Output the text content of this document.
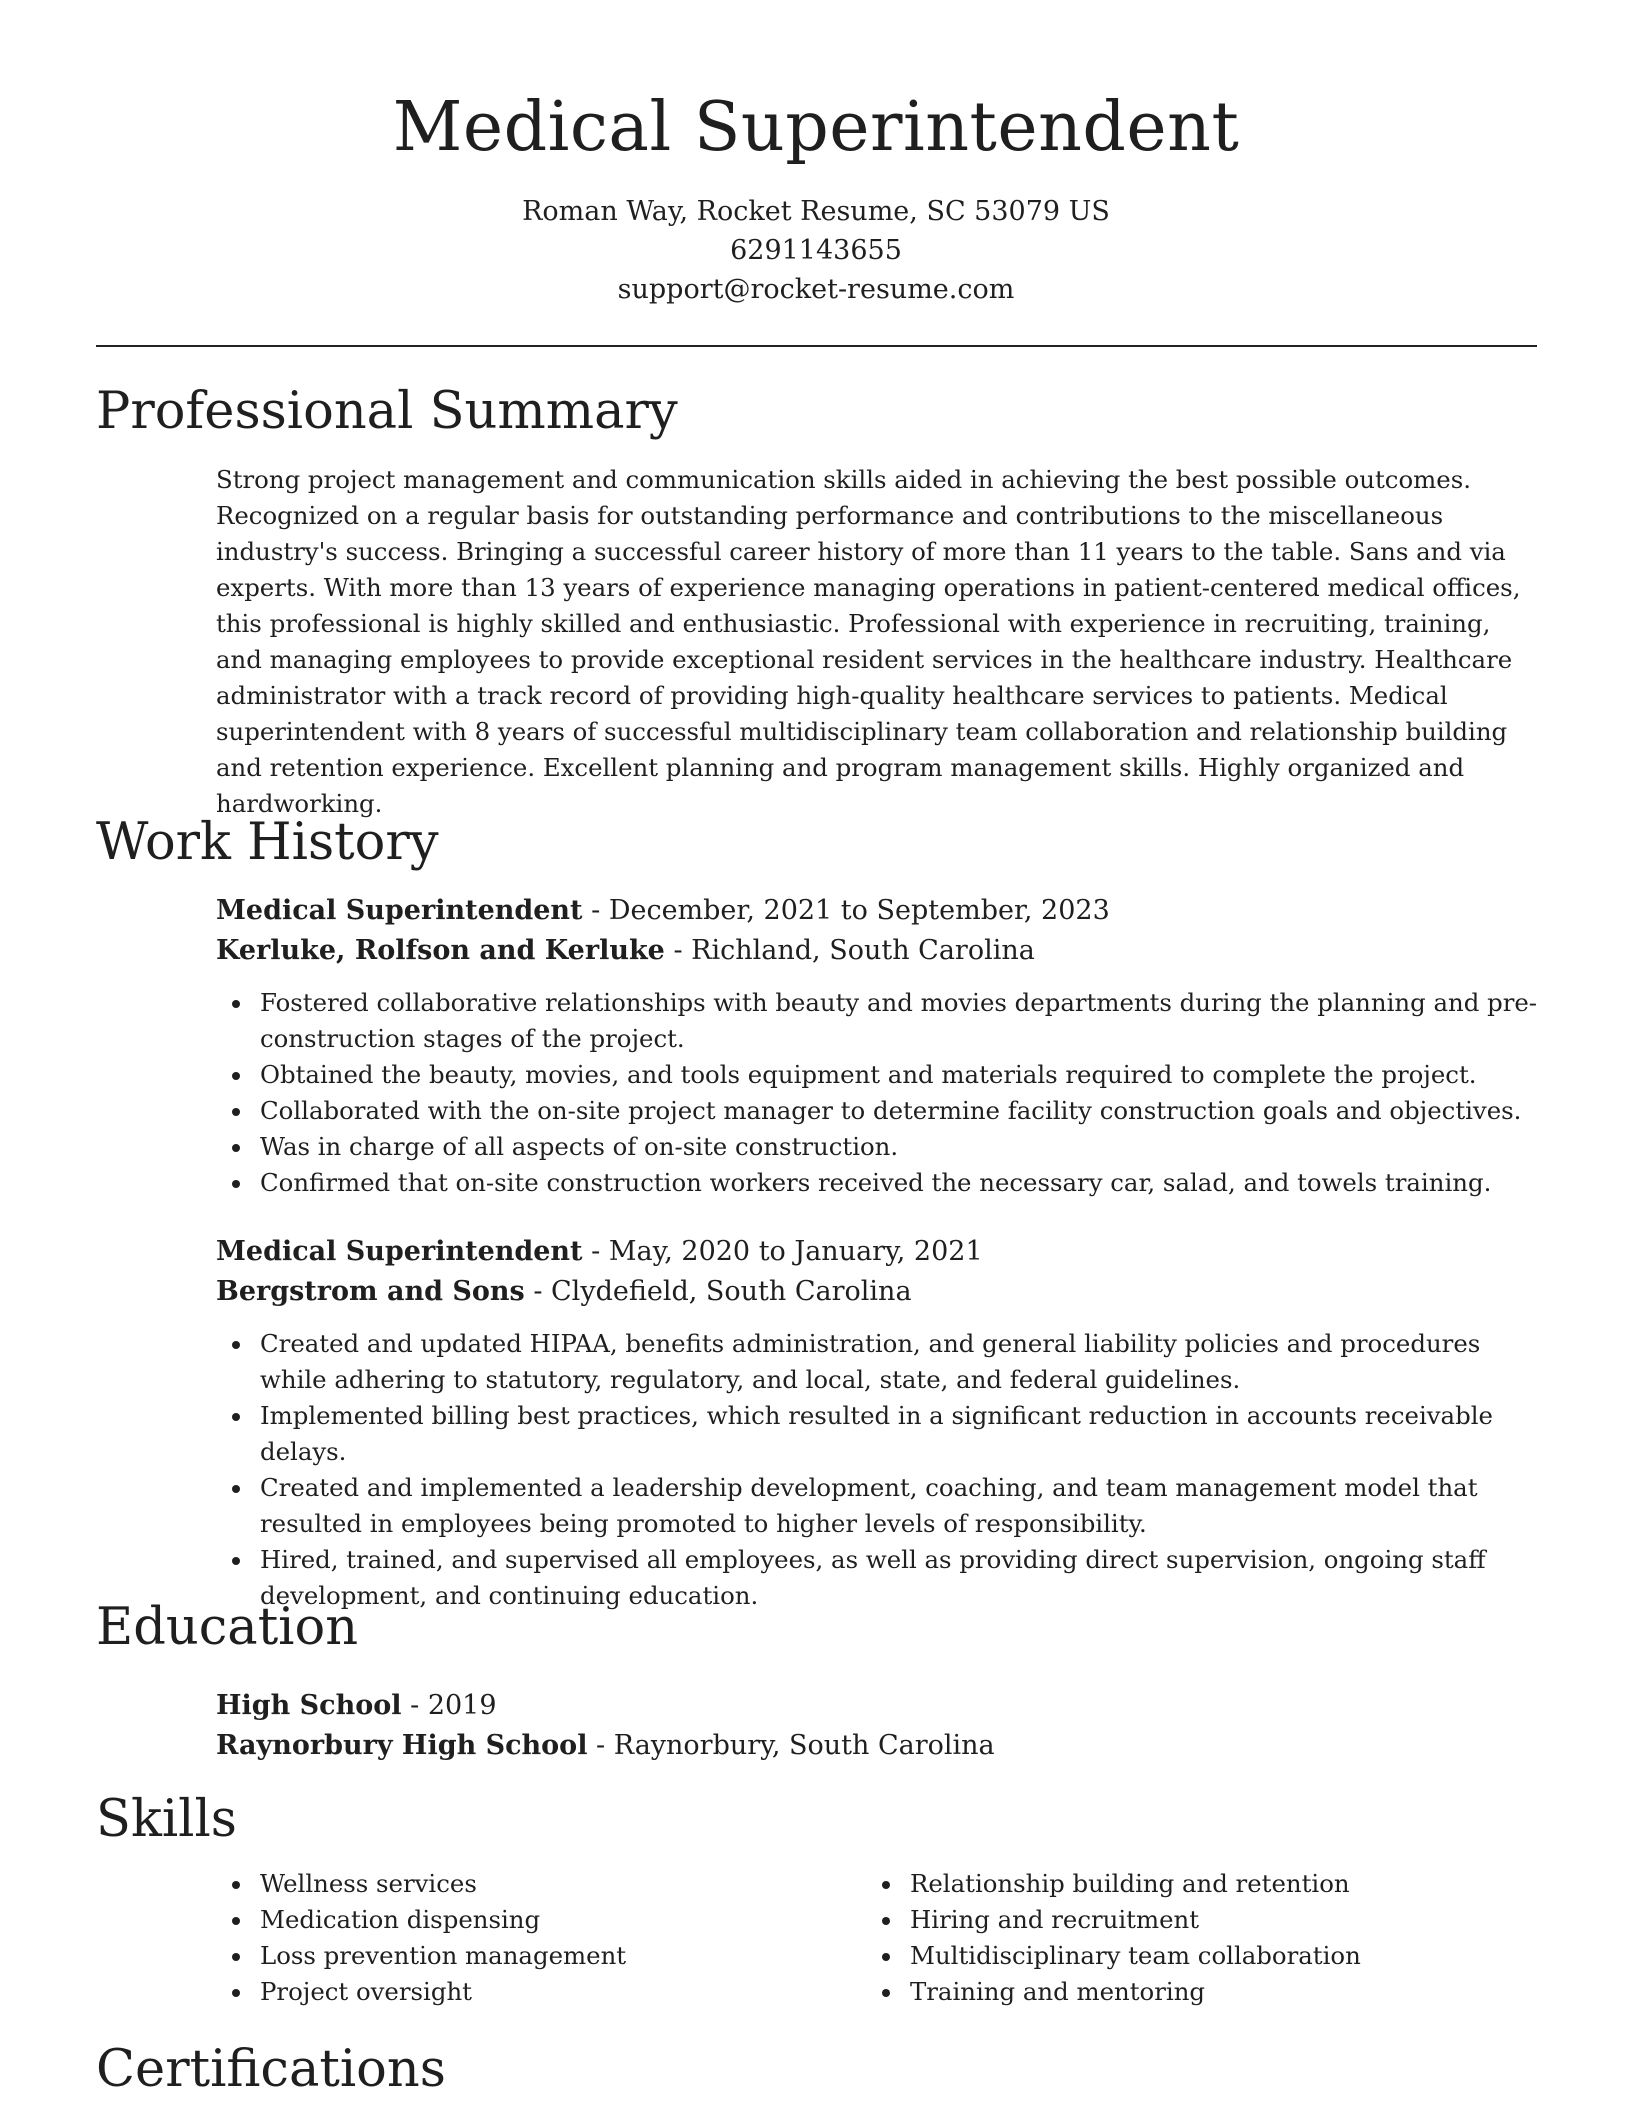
Medical Superintendent
Roman Way, Rocket Resume, SC 53079 US
6291143655
support@rocket-resume.com
Professional Summary

Strong project management and communication skills aided in achieving the best possible outcomes. Recognized on a regular basis for outstanding performance and contributions to the miscellaneous industry's success. Bringing a successful career history of more than 11 years to the table. Sans and via experts. With more than 13 years of experience managing operations in patient-centered medical offices, this professional is highly skilled and enthusiastic. Professional with experience in recruiting, training, and managing employees to provide exceptional resident services in the healthcare industry. Healthcare administrator with a track record of providing high-quality healthcare services to patients. Medical superintendent with 8 years of successful multidisciplinary team collaboration and relationship building and retention experience. Excellent planning and program management skills. Highly organized and hardworking.

Work History
Medical Superintendent - December, 2021 to September, 2023
Kerluke, Rolfson and Kerluke - Richland, South Carolina
Fostered collaborative relationships with beauty and movies departments during the planning and pre-construction stages of the project.
Obtained the beauty, movies, and tools equipment and materials required to complete the project.
Collaborated with the on-site project manager to determine facility construction goals and objectives.
Was in charge of all aspects of on-site construction.
Confirmed that on-site construction workers received the necessary car, salad, and towels training.
Medical Superintendent - May, 2020 to January, 2021
Bergstrom and Sons - Clydefield, South Carolina
Created and updated HIPAA, benefits administration, and general liability policies and procedures while adhering to statutory, regulatory, and local, state, and federal guidelines.
Implemented billing best practices, which resulted in a significant reduction in accounts receivable delays.
Created and implemented a leadership development, coaching, and team management model that resulted in employees being promoted to higher levels of responsibility.
Hired, trained, and supervised all employees, as well as providing direct supervision, ongoing staff development, and continuing education.
Education
High School - 2019
Raynorbury High School - Raynorbury, South Carolina
Skills
Wellness services
Medication dispensing
Loss prevention management
Project oversight
Relationship building and retention
Hiring and recruitment
Multidisciplinary team collaboration
Training and mentoring
Certifications
